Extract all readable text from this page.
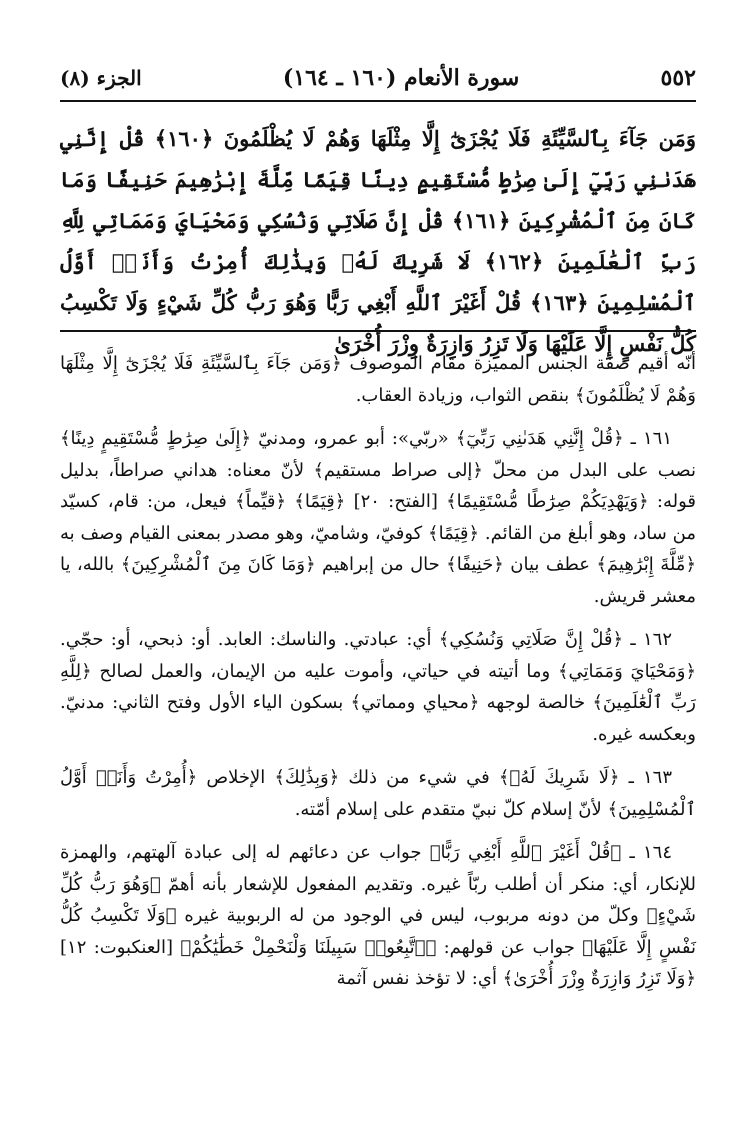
٥٥٢
سورة الأنعام (١٦٠ ـ ١٦٤)
الجزء (٨)
وَمَن جَآءَ بِٱلسَّيِّئَةِ فَلَا يُجْزَىٰٓ إِلَّا مِثْلَهَا وَهُمْ لَا يُظْلَمُونَ ﴿١٦٠﴾ قُلْ إِنَّنِي هَدَىٰنِي رَبِّيٓ إِلَىٰ صِرَٰطٍ مُّسْتَقِيمٍ دِينًا قِيَمًا مِّلَّةَ إِبْرَٰهِيمَ حَنِيفًا وَمَا كَانَ مِنَ ٱلْمُشْرِكِينَ ﴿١٦١﴾ قُلْ إِنَّ صَلَاتِي وَنُسُكِي وَمَحْيَايَ وَمَمَاتِي لِلَّهِ رَبِّ ٱلْعَٰلَمِينَ ﴿١٦٢﴾ لَا شَرِيكَ لَهُۥ وَبِذَٰلِكَ أُمِرْتُ وَأَنَا۠ أَوَّلُ ٱلْمُسْلِمِينَ ﴿١٦٣﴾ قُلْ أَغَيْرَ ٱللَّهِ أَبْغِي رَبًّا وَهُوَ رَبُّ كُلِّ شَيْءٍ وَلَا تَكْسِبُ كُلُّ نَفْسٍ إِلَّا عَلَيْهَا وَلَا تَزِرُ وَازِرَةٌ وِزْرَ أُخْرَىٰ

أنّه أقيم صفة الجنس المميزة مقام الموصوف ﴿وَمَن جَآءَ بِٱلسَّيِّئَةِ فَلَا يُجْزَىٰٓ إِلَّا مِثْلَهَا وَهُمْ لَا يُظْلَمُونَ﴾ بنقص الثواب، وزيادة العقاب.

١٦١ ـ ﴿قُلْ إِنَّنِي هَدَىٰنِي رَبِّيٓ﴾ «ربّي»: أبو عمرو، ومدنيّ ﴿إِلَىٰ صِرَٰطٍ مُّسْتَقِيمٍ دِينًا﴾ نصب على البدل من محلّ ﴿إلى صراط مستقيم﴾ لأنّ معناه: هداني صراطاً، بدليل قوله: ﴿وَيَهْدِيَكُمْ صِرَٰطًا مُّسْتَقِيمًا﴾ [الفتح: ٢٠] ﴿قِيَمًا﴾ ﴿قيِّماً﴾ فيعل، من: قام، كسيّد من ساد، وهو أبلغ من القائم. ﴿قِيَمًا﴾ كوفيّ، وشاميّ، وهو مصدر بمعنى القيام وصف به ﴿مِّلَّةَ إِبْرَٰهِيمَ﴾ عطف بيان ﴿حَنِيفًا﴾ حال من إبراهيم ﴿وَمَا كَانَ مِنَ ٱلْمُشْرِكِينَ﴾ بالله، يا معشر قريش.

١٦٢ ـ ﴿قُلْ إِنَّ صَلَاتِي وَنُسُكِي﴾ أي: عبادتي. والناسك: العابد. أو: ذبحي، أو: حجّي. ﴿وَمَحْيَايَ وَمَمَاتِي﴾ وما أتيته في حياتي، وأموت عليه من الإيمان، والعمل لصالح ﴿لِلَّهِ رَبِّ ٱلْعَٰلَمِينَ﴾ خالصة لوجهه ﴿محياي ومماتي﴾ بسكون الياء الأول وفتح الثاني: مدنيّ. وبعكسه غيره.

١٦٣ ـ ﴿لَا شَرِيكَ لَهُۥ﴾ في شيء من ذلك ﴿وَبِذَٰلِكَ﴾ الإخلاص ﴿أُمِرْتُ وَأَنَا۠ أَوَّلُ ٱلْمُسْلِمِينَ﴾ لأنّ إسلام كلّ نبيّ متقدم على إسلام أمّته.

١٦٤ ـ ﴿قُلْ أَغَيْرَ ٱللَّهِ أَبْغِي رَبًّا﴾ جواب عن دعائهم له إلى عبادة آلهتهم، والهمزة للإنكار، أي: منكر أن أطلب ربّاً غيره. وتقديم المفعول للإشعار بأنه أهمّ ﴿وَهُوَ رَبُّ كُلِّ شَيْءٍ﴾ وكلّ من دونه مربوب، ليس في الوجود من له الربوبية غيره ﴿وَلَا تَكْسِبُ كُلُّ نَفْسٍ إِلَّا عَلَيْهَا﴾ جواب عن قولهم: ﴿ٱتَّبِعُوا۟ سَبِيلَنَا وَلْنَحْمِلْ خَطَٰيَٰكُمْ﴾ [العنكبوت: ١٢] ﴿وَلَا تَزِرُ وَازِرَةٌ وِزْرَ أُخْرَىٰ﴾ أي: لا تؤخذ نفس آثمة
